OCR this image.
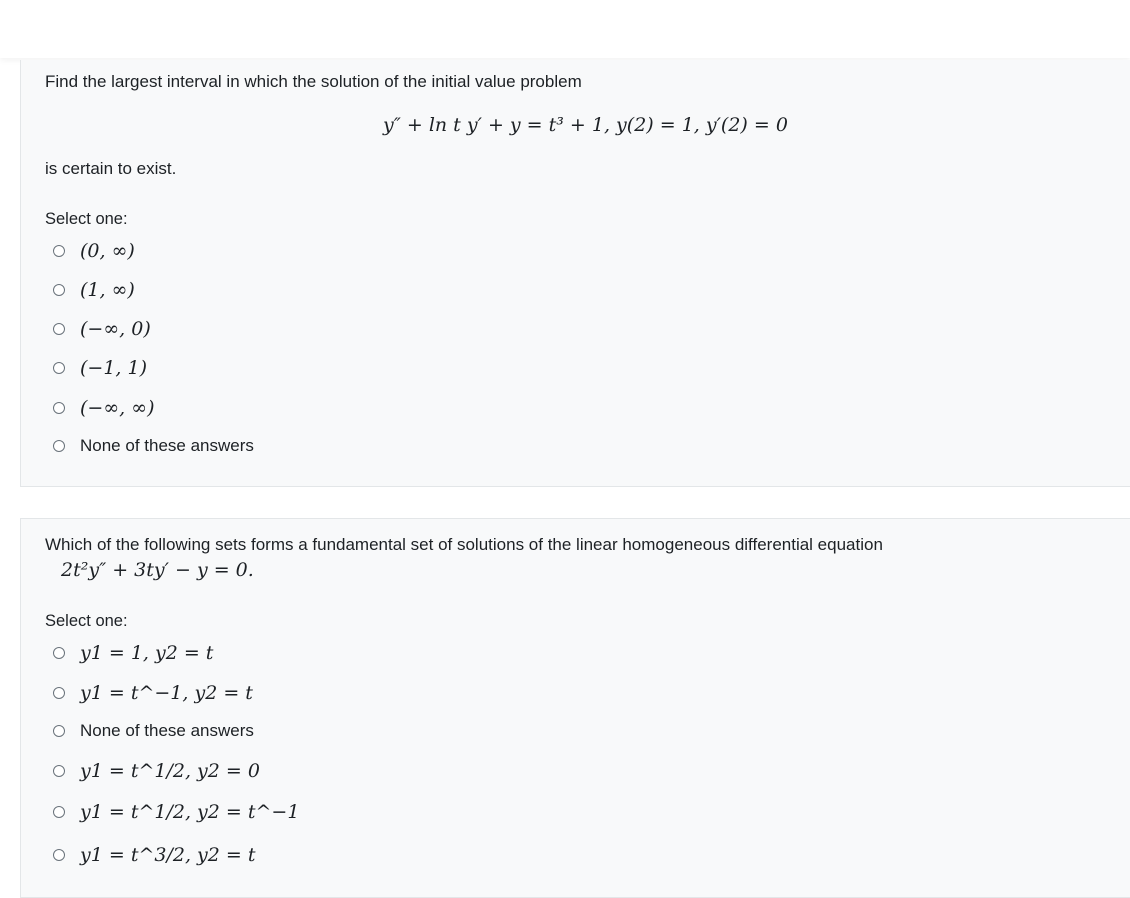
Find the largest interval in which the solution of the initial value problem
y″ + ln t y′ + y = t³ + 1, y(2) = 1, y′(2) = 0
is certain to exist.
Select one:
(0, ∞)
(1, ∞)
(−∞, 0)
(−1, 1)
(−∞, ∞)
None of these answers
Which of the following sets forms a fundamental set of solutions of the linear homogeneous differential equation
2t²y″ + 3ty′ − y = 0.
Select one:
y1 = 1, y2 = t
y1 = t^−1, y2 = t
None of these answers
y1 = t^1/2, y2 = 0
y1 = t^1/2, y2 = t^−1
y1 = t^3/2, y2 = t
